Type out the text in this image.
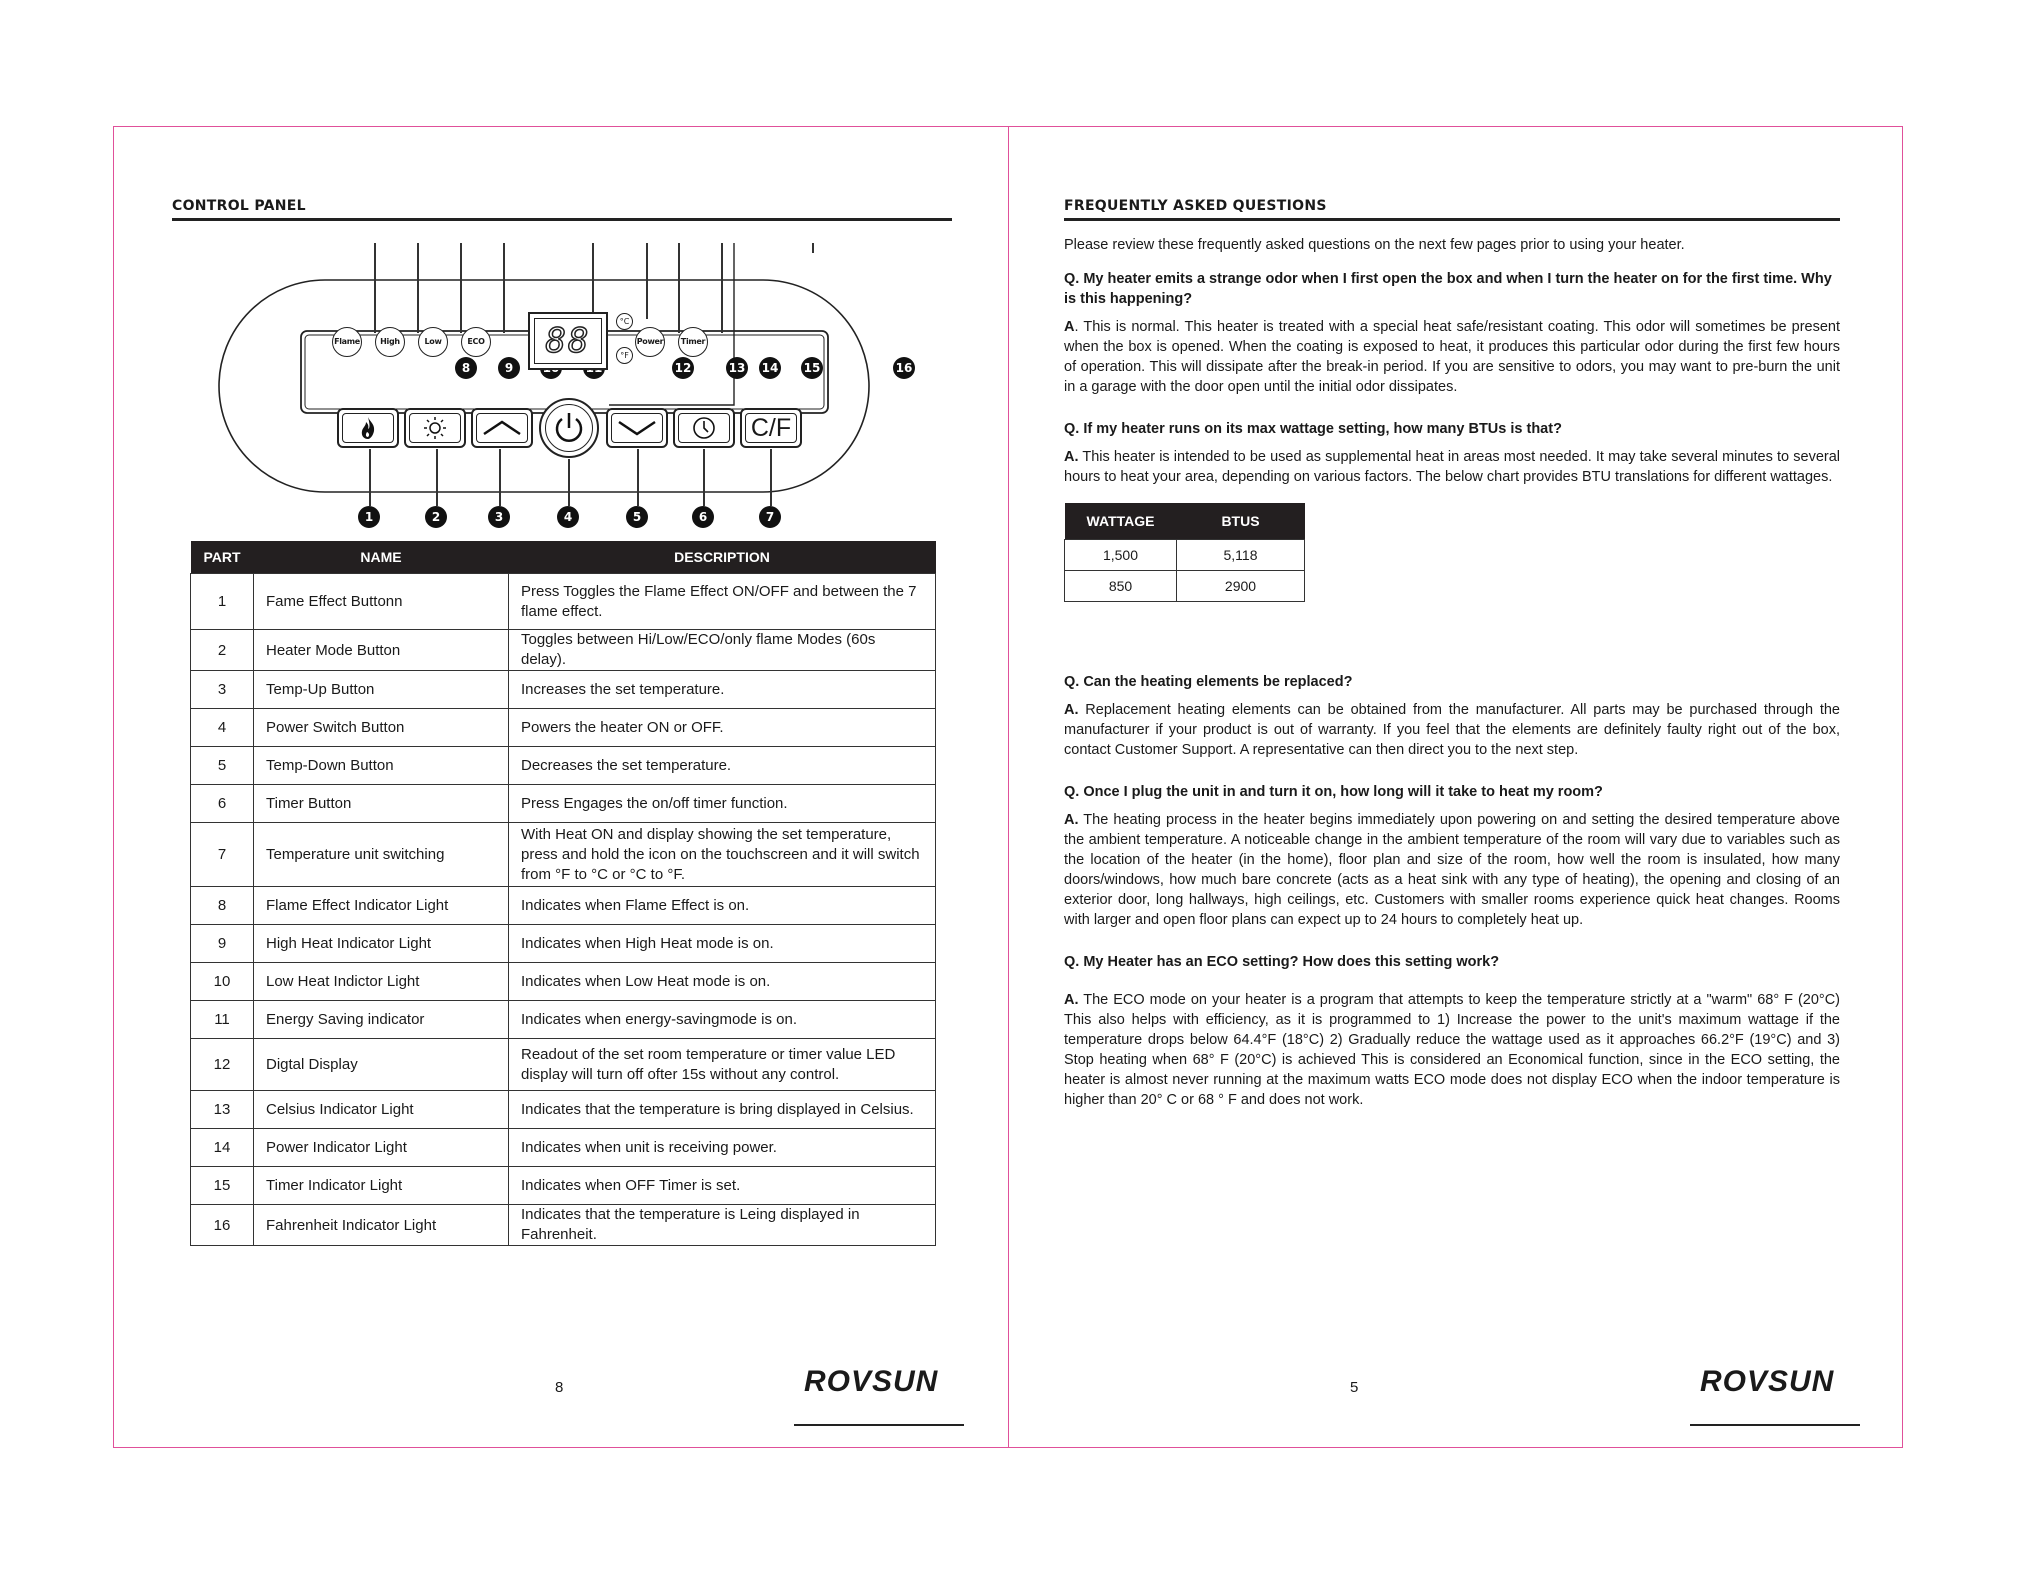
CONTROL PANEL
8	9	12	13 14 15	16
Flame	High	Low	ECO	88	°C
°F
Power	Timer
C/F
1	2	3	4	5	6	7
PART	NAME	DESCRIPTION
1	Fame Effect Buttonn	Press Toggles the Flame Effect ON/OFF and between the 7 flame effect.
2	Heater Mode Button	Toggles between Hi/Low/ECO/only flame Modes (60s delay).
3	Temp-Up Button	Increases the set temperature.
4	Power Switch Button	Powers the heater ON or OFF.
5	Temp-Down Button	Decreases the set temperature.
6	Timer Button	Press Engages the on/off timer function.
7	Temperature unit switching	With Heat ON and display showing the set temperature, press and hold the icon on the touchscreen and it will switch from °F to °C or °C to °F.
8	Flame Effect Indicator Light	Indicates when Flame Effect is on.
9	High Heat Indicator Light	Indicates when High Heat mode is on.
10	Low Heat Indictor Light	Indicates when Low Heat mode is on.
11	Energy Saving indicator	Indicates when energy-savingmode is on.
12	Digtal Display	Readout of the set room temperature or timer value LED display will turn off ofter 15s without any control.
13	Celsius Indicator Light	Indicates that the temperature is bring displayed in Celsius.
14	Power Indicator Light	Indicates when unit is receiving power.
15	Timer Indicator Light	Indicates when OFF Timer is set.
16	Fahrenheit Indicator Light	Indicates that the temperature is Leing displayed in Fahrenheit.
8	ROVSUN
FREQUENTLY ASKED QUESTIONS

Please review these frequently asked questions on the next few pages prior to using your heater.

Q. My heater emits a strange odor when I first open the box and when I turn the heater on for the first time. Why is this happening?

A. This is normal. This heater is treated with a special heat safe/resistant coating. This odor will sometimes be present when the box is opened. When the coating is exposed to heat, it produces this particular odor during the first few hours of operation. This will dissipate after the break-in period. If you are sensitive to odors, you may want to pre-burn the unit in a garage with the door open until the initial odor dissipates.

Q. If my heater runs on its max wattage setting, how many BTUs is that?

A. This heater is intended to be used as supplemental heat in areas most needed. It may take several minutes to several hours to heat your area, depending on various factors. The below chart provides BTU translations for different wattages.

WATTAGE	BTUS
1,500	5,118
850	2900

Q. Can the heating elements be replaced?

A. Replacement heating elements can be obtained from the manufacturer. All parts may be purchased through the manufacturer if your product is out of warranty. If you feel that the elements are definitely faulty right out of the box, contact Customer Support. A representative can then direct you to the next step.

Q. Once I plug the unit in and turn it on, how long will it take to heat my room?

A. The heating process in the heater begins immediately upon powering on and setting the desired temperature above the ambient temperature. A noticeable change in the ambient temperature of the room will vary due to variables such as the location of the heater (in the home), floor plan and size of the room, how well the room is insulated, how many doors/windows, how much bare concrete (acts as a heat sink with any type of heating), the opening and closing of an exterior door, long hallways, high ceilings, etc. Customers with smaller rooms experience quick heat changes. Rooms with larger and open floor plans can expect up to 24 hours to completely heat up.

Q. My Heater has an ECO setting? How does this setting work?

A. The ECO mode on your heater is a program that attempts to keep the temperature strictly at a "warm" 68° F (20°C) This also helps with efficiency, as it is programmed to 1) Increase the power to the unit's maximum wattage if the temperature drops below 64.4°F (18°C) 2) Gradually reduce the wattage used as it approaches 66.2°F (19°C) and 3) Stop heating when 68° F (20°C) is achieved This is considered an Economical function, since in the ECO setting, the heater is almost never running at the maximum watts ECO mode does not display ECO when the indoor temperature is higher than 20° C or 68 ° F and does not work.

5	ROVSUN
